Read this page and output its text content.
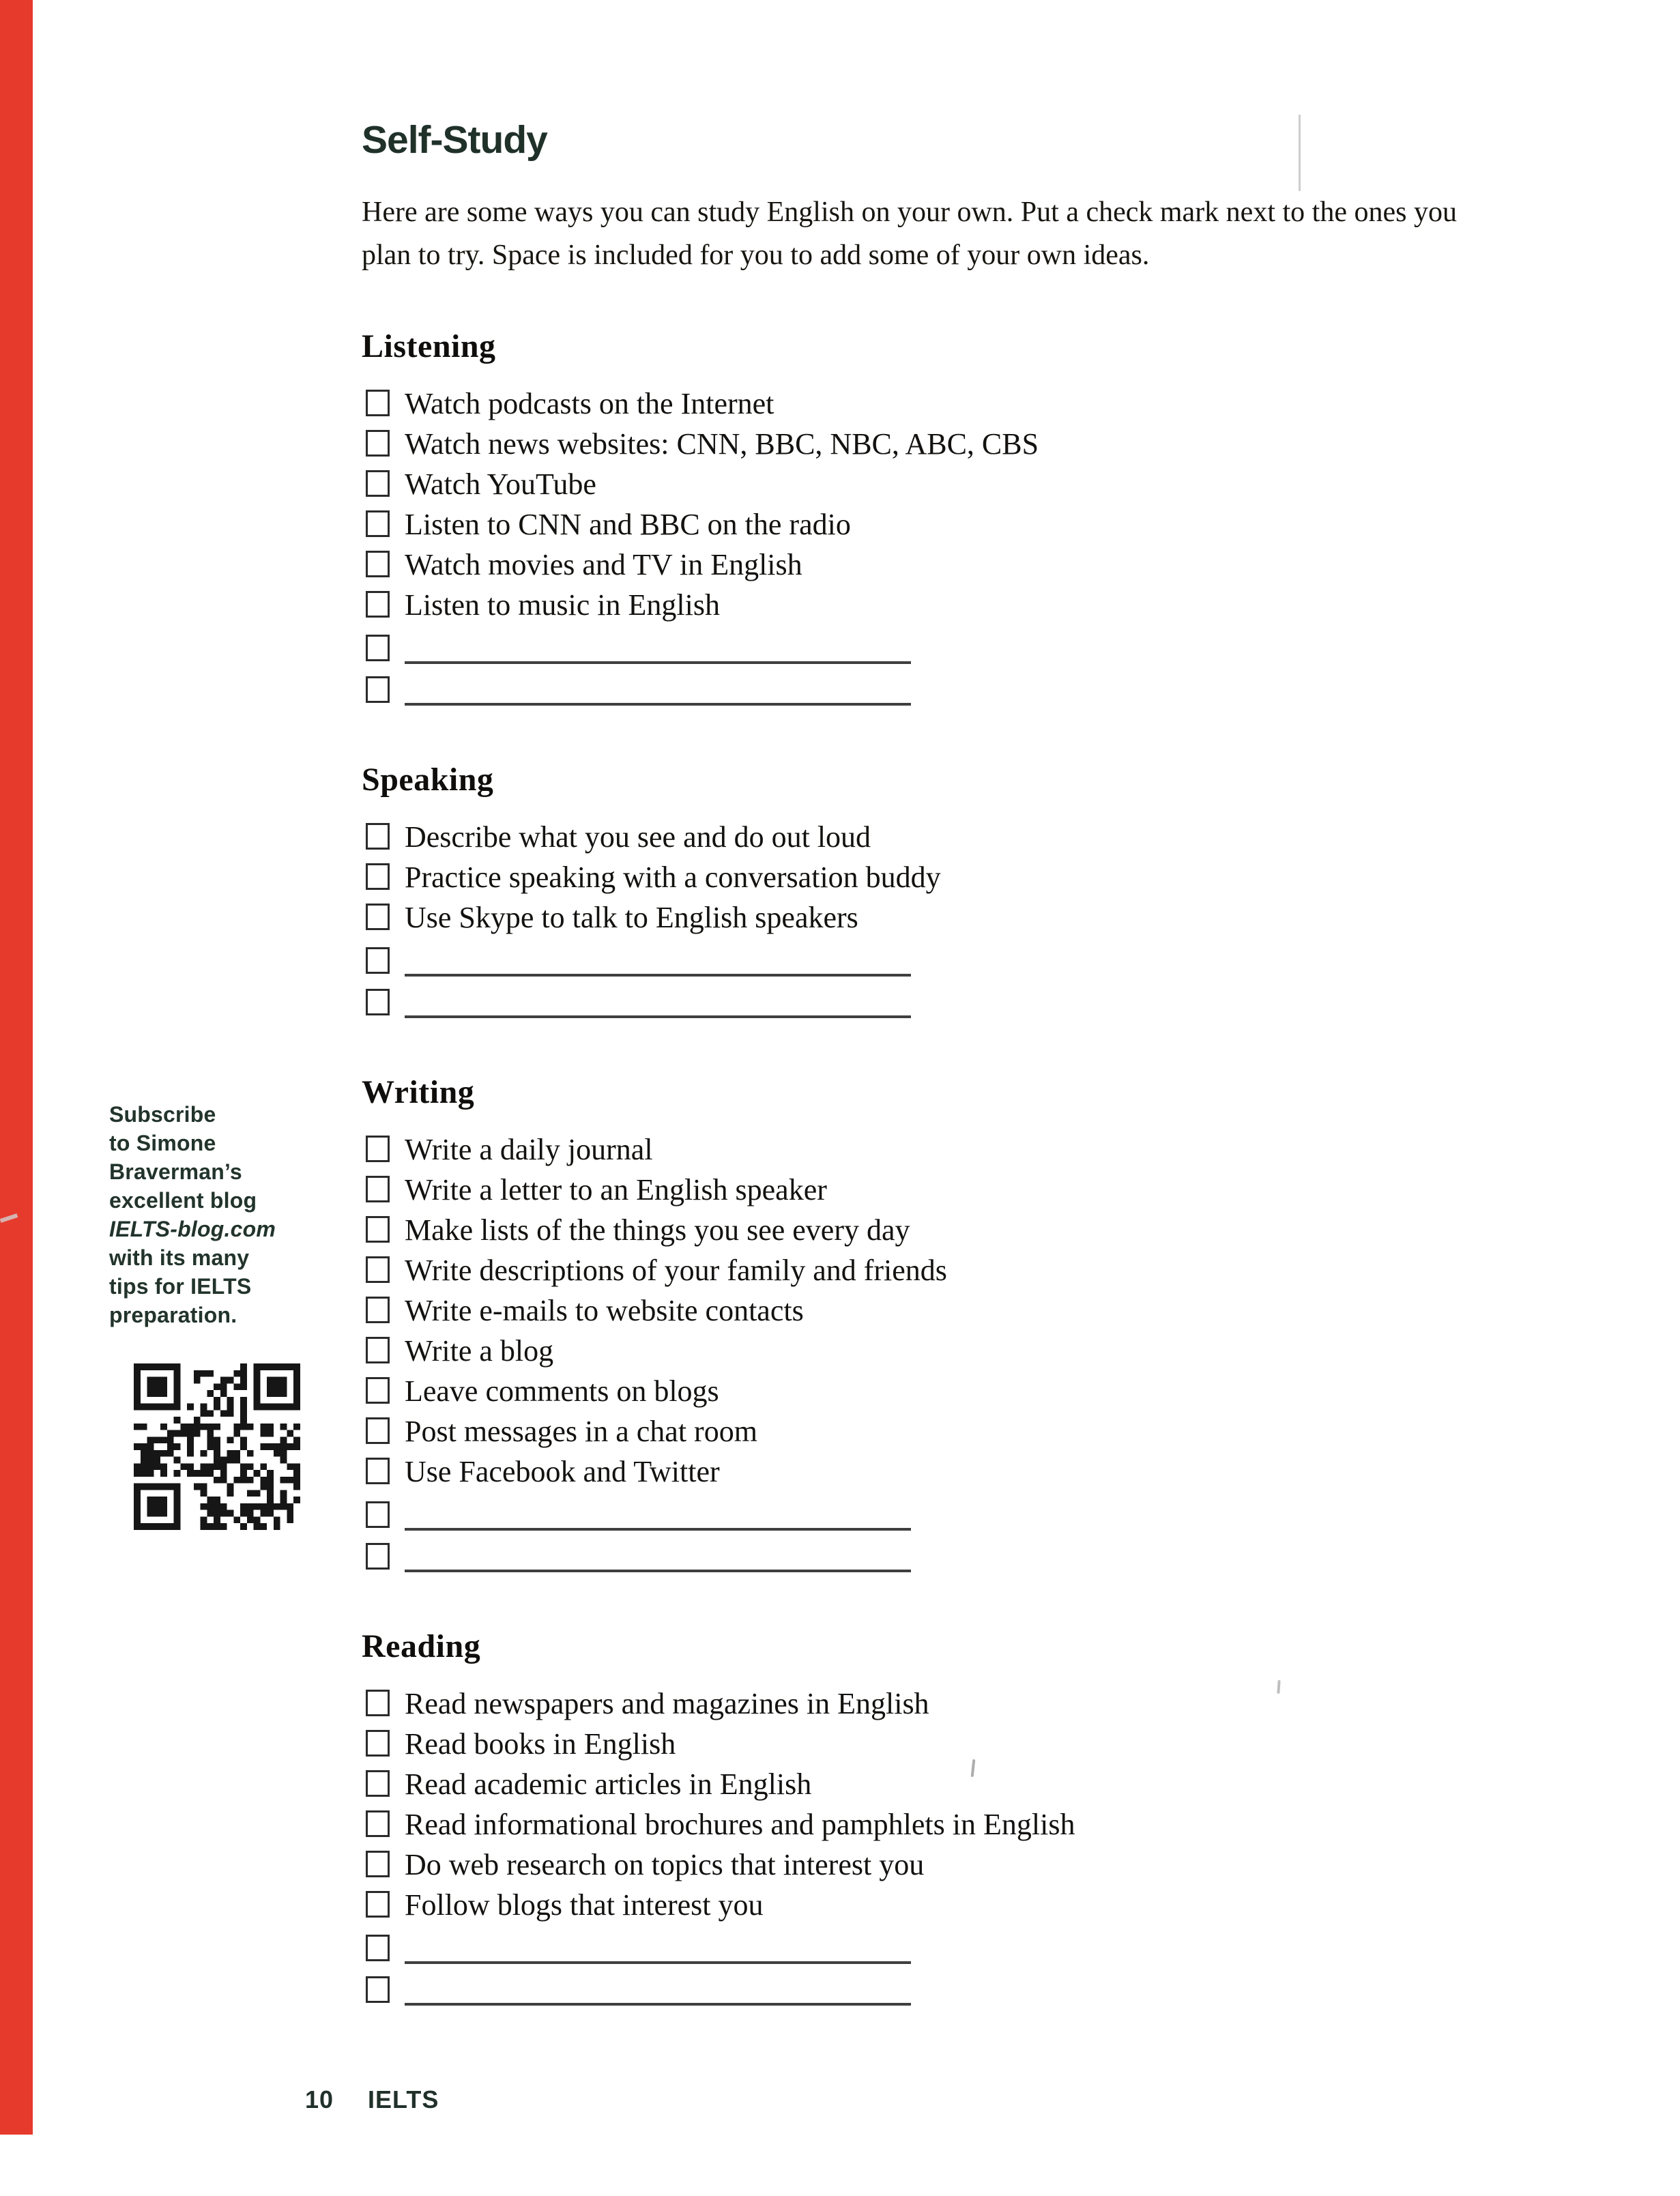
Self-Study
Here are some ways you can study English on your own. Put a check mark next to the ones you
plan to try. Space is included for you to add some of your own ideas.
Listening
Watch podcasts on the Internet
Watch news websites: CNN, BBC, NBC, ABC, CBS
Watch YouTube
Listen to CNN and BBC on the radio
Watch movies and TV in English
Listen to music in English
Speaking
Describe what you see and do out loud
Practice speaking with a conversation buddy
Use Skype to talk to English speakers
Writing
Write a daily journal
Write a letter to an English speaker
Make lists of the things you see every day
Write descriptions of your family and friends
Write e-mails to website contacts
Write a blog
Leave comments on blogs
Post messages in a chat room
Use Facebook and Twitter
Reading
Read newspapers and magazines in English
Read books in English
Read academic articles in English
Read informational brochures and pamphlets in English
Do web research on topics that interest you
Follow blogs that interest you
Subscribe
to Simone
Braverman’s
excellent blog
IELTS-blog.com
with its many
tips for IELTS
preparation.
10 IELTS
